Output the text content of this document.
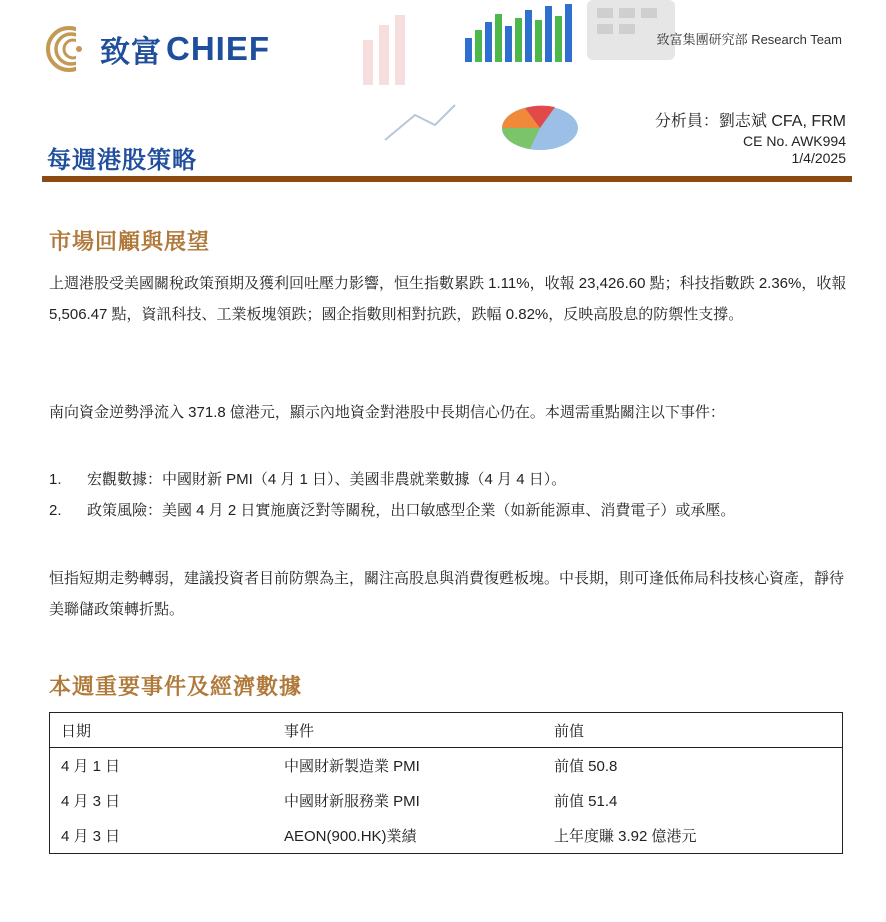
致富 CHIEF	致富集團研究部 Research Team
分析員：劉志斌 CFA, FRM
CE No. AWK994
1/4/2025
每週港股策略
市場回顧與展望

上週港股受美國關稅政策預期及獲利回吐壓力影響，恒生指數累跌 1.11%，收報 23,426.60 點；科技指數跌 2.36%，收報 5,506.47 點，資訊科技、工業板塊領跌；國企指數則相對抗跌，跌幅 0.82%，反映高股息的防禦性支撐。

南向資金逆勢淨流入 371.8 億港元，顯示內地資金對港股中長期信心仍在。本週需重點關注以下事件：

1.	宏觀數據：中國財新 PMI（4 月 1 日）、美國非農就業數據（4 月 4 日）。
2.	政策風險：美國 4 月 2 日實施廣泛對等關稅，出口敏感型企業（如新能源車、消費電子）或承壓。

恒指短期走勢轉弱，建議投資者目前防禦為主，關注高股息與消費復甦板塊。中長期，則可逢低佈局科技核心資產，靜待美聯儲政策轉折點。

本週重要事件及經濟數據
日期	事件	前值
4 月 1 日	中國財新製造業 PMI	前值 50.8
4 月 3 日	中國財新服務業 PMI	前值 51.4
4 月 3 日	AEON(900.HK)業績	上年度賺 3.92 億港元
